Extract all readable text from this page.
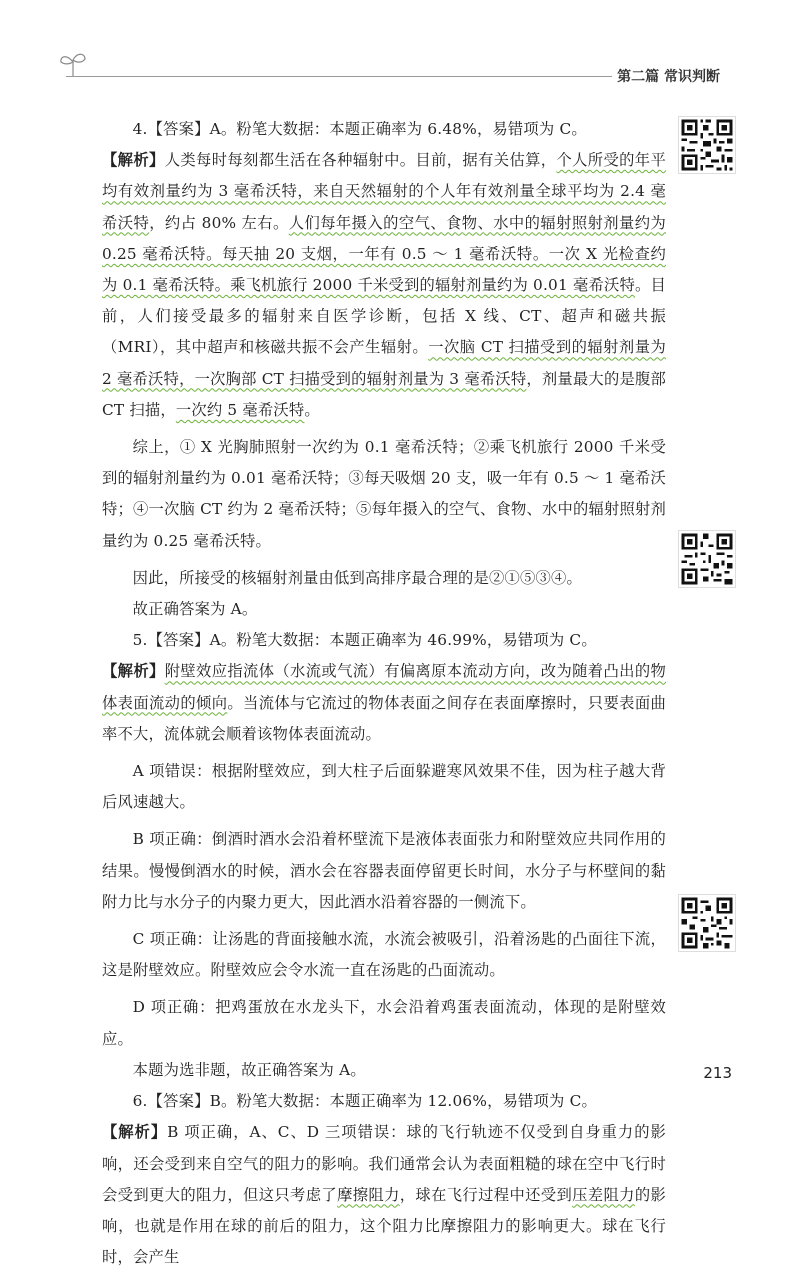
第二篇 常识判断

4.【答案】A。粉笔大数据：本题正确率为 6.48%，易错项为 C。

【解析】人类每时每刻都生活在各种辐射中。目前，据有关估算，个人所受的年平均有效剂量约为 3 毫希沃特，来自天然辐射的个人年有效剂量全球平均为 2.4 毫希沃特，约占 80% 左右。人们每年摄入的空气、食物、水中的辐射照射剂量约为 0.25 毫希沃特。每天抽 20 支烟，一年有 0.5 ～ 1 毫希沃特。一次 X 光检查约为 0.1 毫希沃特。乘飞机旅行 2000 千米受到的辐射剂量约为 0.01 毫希沃特。目前，人们接受最多的辐射来自医学诊断，包括 X 线、CT、超声和磁共振（MRI），其中超声和核磁共振不会产生辐射。一次脑 CT 扫描受到的辐射剂量为 2 毫希沃特，一次胸部 CT 扫描受到的辐射剂量为 3 毫希沃特，剂量最大的是腹部 CT 扫描，一次约 5 毫希沃特。

综上，① X 光胸肺照射一次约为 0.1 毫希沃特；②乘飞机旅行 2000 千米受到的辐射剂量约为 0.01 毫希沃特；③每天吸烟 20 支，吸一年有 0.5 ～ 1 毫希沃特；④一次脑 CT 约为 2 毫希沃特；⑤每年摄入的空气、食物、水中的辐射照射剂量约为 0.25 毫希沃特。

因此，所接受的核辐射剂量由低到高排序最合理的是②①⑤③④。

故正确答案为 A。

5.【答案】A。粉笔大数据：本题正确率为 46.99%，易错项为 C。

【解析】附壁效应指流体（水流或气流）有偏离原本流动方向，改为随着凸出的物体表面流动的倾向。当流体与它流过的物体表面之间存在表面摩擦时，只要表面曲率不大，流体就会顺着该物体表面流动。

A 项错误：根据附壁效应，到大柱子后面躲避寒风效果不佳，因为柱子越大背后风速越大。

B 项正确：倒酒时酒水会沿着杯壁流下是液体表面张力和附壁效应共同作用的结果。慢慢倒酒水的时候，酒水会在容器表面停留更长时间，水分子与杯壁间的黏附力比与水分子的内聚力更大，因此酒水沿着容器的一侧流下。

C 项正确：让汤匙的背面接触水流，水流会被吸引，沿着汤匙的凸面往下流，这是附壁效应。附壁效应会令水流一直在汤匙的凸面流动。

D 项正确：把鸡蛋放在水龙头下，水会沿着鸡蛋表面流动，体现的是附壁效应。

本题为选非题，故正确答案为 A。

6.【答案】B。粉笔大数据：本题正确率为 12.06%，易错项为 C。

【解析】B 项正确，A、C、D 三项错误：球的飞行轨迹不仅受到自身重力的影响，还会受到来自空气的阻力的影响。我们通常会认为表面粗糙的球在空中飞行时会受到更大的阻力，但这只考虑了摩擦阻力，球在飞行过程中还受到压差阻力的影响，也就是作用在球的前后的阻力，这个阻力比摩擦阻力的影响更大。球在飞行时，会产生

213
